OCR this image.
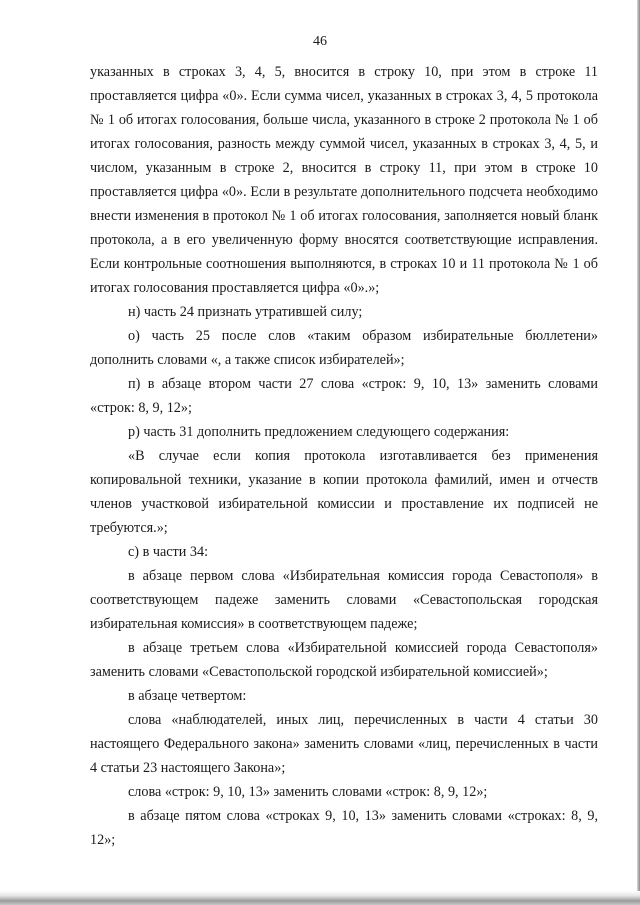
46

указанных в строках 3, 4, 5, вносится в строку 10, при этом в строке 11 проставляется цифра «0». Если сумма чисел, указанных в строках 3, 4, 5 протокола № 1 об итогах голосования, больше числа, указанного в строке 2 протокола № 1 об итогах голосования, разность между суммой чисел, указанных в строках 3, 4, 5, и числом, указанным в строке 2, вносится в строку 11, при этом в строке 10 проставляется цифра «0». Если в результате дополнительного подсчета необходимо внести изменения в протокол № 1 об итогах голосования, заполняется новый бланк протокола, а в его увеличенную форму вносятся соответствующие исправления. Если контрольные соотношения выполняются, в строках 10 и 11 протокола № 1 об итогах голосования проставляется цифра «0».»;

н) часть 24 признать утратившей силу;

о) часть 25 после слов «таким образом избирательные бюллетени» дополнить словами «, а также список избирателей»;

п) в абзаце втором части 27 слова «строк: 9, 10, 13» заменить словами «строк: 8, 9, 12»;

р) часть 31 дополнить предложением следующего содержания:

«В случае если копия протокола изготавливается без применения копировальной техники, указание в копии протокола фамилий, имен и отчеств членов участковой избирательной комиссии и проставление их подписей не требуются.»;

с) в части 34:

в абзаце первом слова «Избирательная комиссия города Севастополя» в соответствующем падеже заменить словами «Севастопольская городская избирательная комиссия» в соответствующем падеже;

в абзаце третьем слова «Избирательной комиссией города Севастополя» заменить словами «Севастопольской городской избирательной комиссией»;

в абзаце четвертом:

слова «наблюдателей, иных лиц, перечисленных в части 4 статьи 30 настоящего Федерального закона» заменить словами «лиц, перечисленных в части 4 статьи 23 настоящего Закона»;

слова «строк: 9, 10, 13» заменить словами «строк: 8, 9, 12»;

в абзаце пятом слова «строках 9, 10, 13» заменить словами «строках: 8, 9, 12»;
